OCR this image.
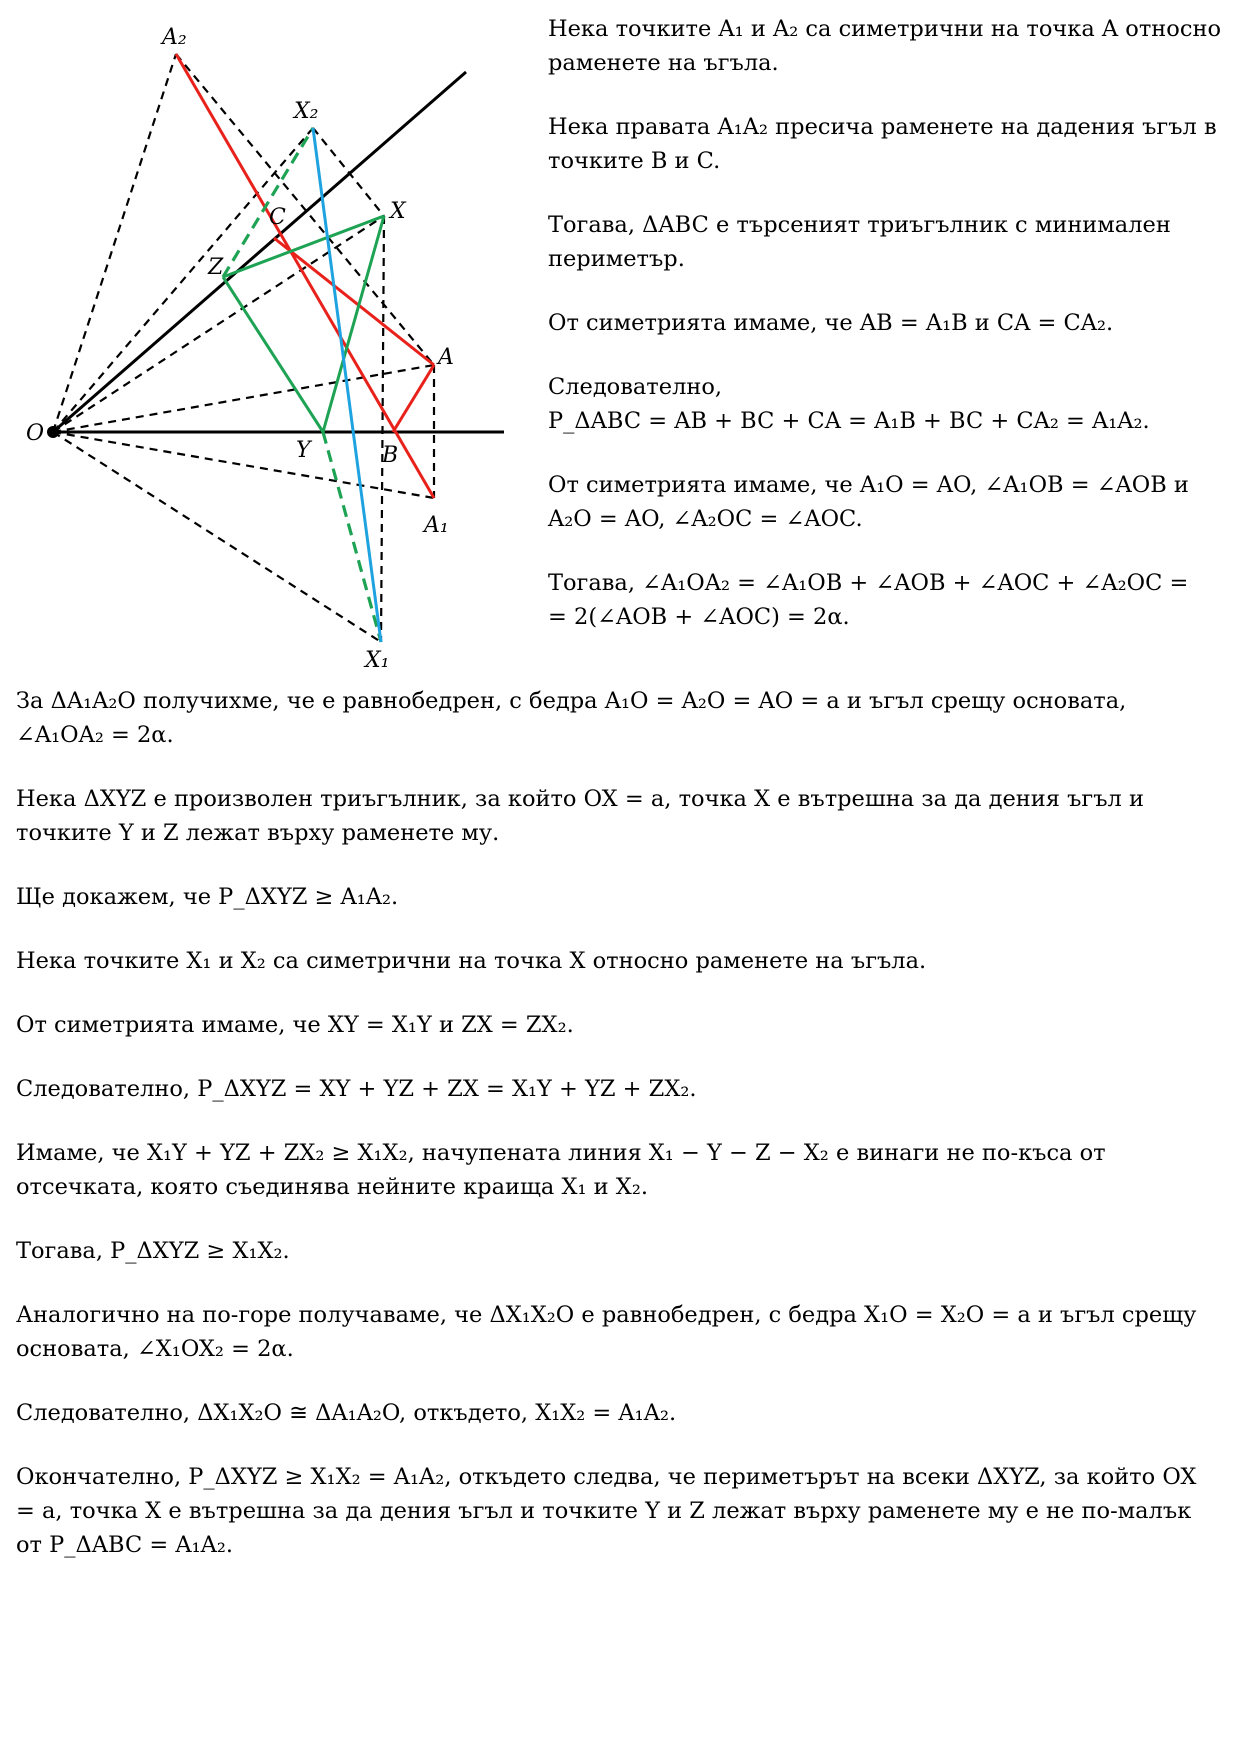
A₂
X₂
C	X
Z
A
O
Y	B
A₁
X₁

Нека точките A₁ и A₂ са симетрични на точка A относно раменете на ъгъла.

Нека правата A₁A₂ пресича раменете на дадения ъгъл в точките B и C.

Тогава, ΔABC е търсеният триъгълник с минимален периметър.

От симетрията имаме, че AB = A₁B и CA = CA₂.

Следователно,
P_ΔABC = AB + BC + CA = A₁B + BC + CA₂ = A₁A₂.

От симетрията имаме, че A₁O = AO, ∠A₁OB = ∠AOB и A₂O = AO, ∠A₂OC = ∠AOC.

Тогава, ∠A₁OA₂ = ∠A₁OB + ∠AOB + ∠AOC + ∠A₂OC =
= 2(∠AOB + ∠AOC) = 2α.

За ΔA₁A₂O получихме, че е равнобедрен, с бедра A₁O = A₂O = AO = a и ъгъл срещу основата, ∠A₁OA₂ = 2α.

Нека ΔXYZ е произволен триъгълник, за който OX = a, точка X е вътрешна за да дения ъгъл и точките Y и Z лежат върху раменете му.

Ще докажем, че P_ΔXYZ ≥ A₁A₂.

Нека точките X₁ и X₂ са симетрични на точка X относно раменете на ъгъла.

От симетрията имаме, че XY = X₁Y и ZX = ZX₂.

Следователно, P_ΔXYZ = XY + YZ + ZX = X₁Y + YZ + ZX₂.

Имаме, че X₁Y + YZ + ZX₂ ≥ X₁X₂, начупената линия X₁ − Y − Z − X₂ е винаги не по-къса от отсечката, която съединява нейните краища X₁ и X₂.

Тогава, P_ΔXYZ ≥ X₁X₂.

Аналогично на по-горе получаваме, че ΔX₁X₂O е равнобедрен, с бедра X₁O = X₂O = a и ъгъл срещу основата, ∠X₁OX₂ = 2α.

Следователно, ΔX₁X₂O ≅ ΔA₁A₂O, откъдето, X₁X₂ = A₁A₂.

Окончателно, P_ΔXYZ ≥ X₁X₂ = A₁A₂, откъдето следва, че периметърът на всеки ΔXYZ, за който OX = a, точка X е вътрешна за да дения ъгъл и точките Y и Z лежат върху раменете му е не по-малък от P_ΔABC = A₁A₂.
